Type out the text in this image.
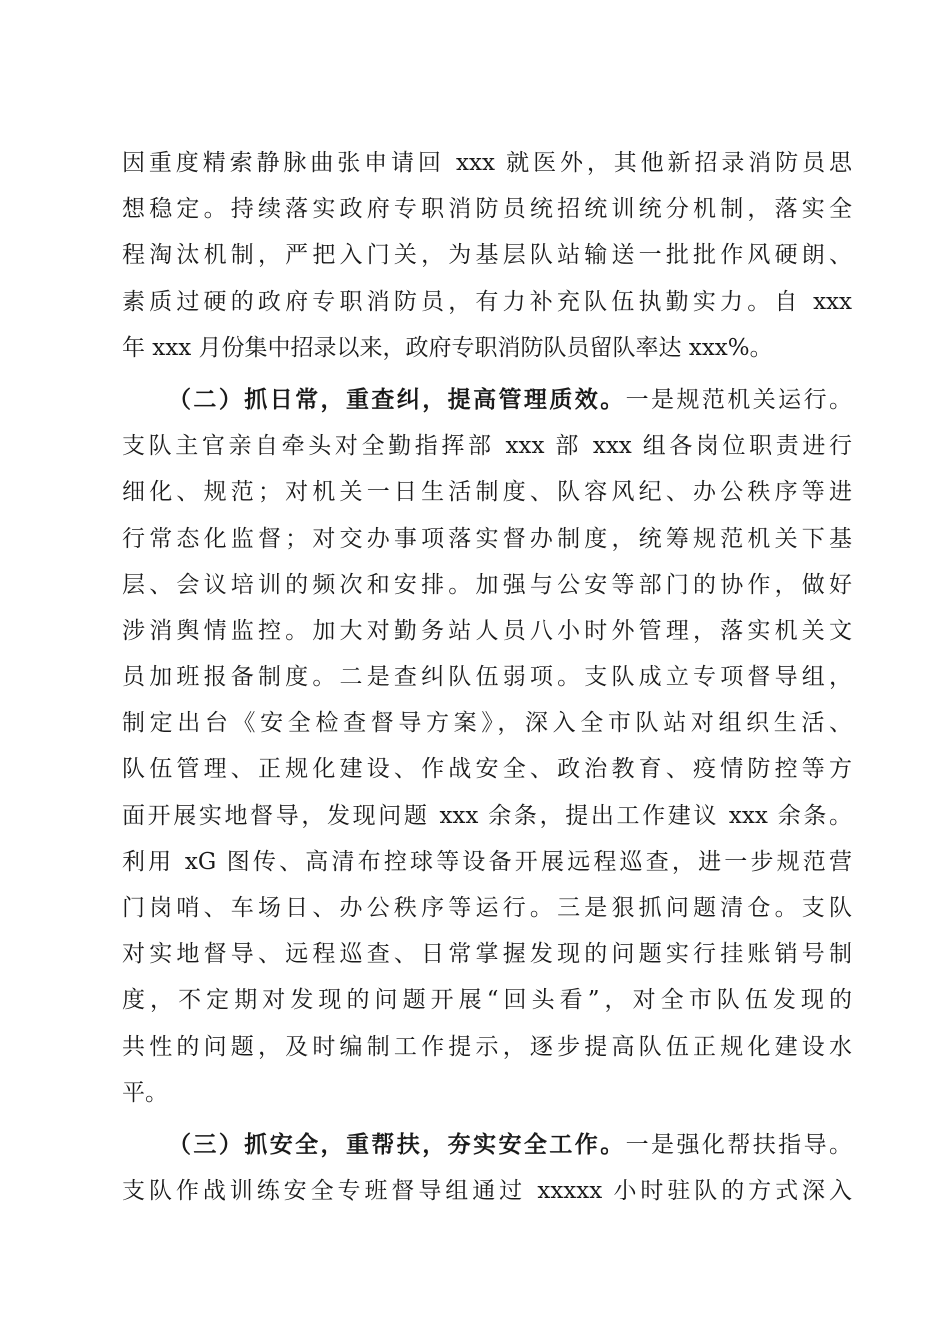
因重度精索静脉曲张申请回 xxx 就医外，其他新招录消防员思
想稳定。持续落实政府专职消防员统招统训统分机制，落实全
程淘汰机制，严把入门关，为基层队站输送一批批作风硬朗、
素质过硬的政府专职消防员，有力补充队伍执勤实力。自 xxx
年 xxx 月份集中招录以来，政府专职消防队员留队率达 xxx%。
（二）抓日常，重查纠，提高管理质效。一是规范机关运行。
支队主官亲自牵头对全勤指挥部 xxx 部 xxx 组各岗位职责进行
细化、规范；对机关一日生活制度、队容风纪、办公秩序等进
行常态化监督；对交办事项落实督办制度，统筹规范机关下基
层、会议培训的频次和安排。加强与公安等部门的协作，做好
涉消舆情监控。加大对勤务站人员八小时外管理，落实机关文
员加班报备制度。二是查纠队伍弱项。支队成立专项督导组，
制定出台《安全检查督导方案》，深入全市队站对组织生活、
队伍管理、正规化建设、作战安全、政治教育、疫情防控等方
面开展实地督导，发现问题 xxx 余条，提出工作建议 xxx 余条。
利用 xG 图传、高清布控球等设备开展远程巡查，进一步规范营
门岗哨、车场日、办公秩序等运行。三是狠抓问题清仓。支队
对实地督导、远程巡查、日常掌握发现的问题实行挂账销号制
度，不定期对发现的问题开展“回头看”，对全市队伍发现的
共性的问题，及时编制工作提示，逐步提高队伍正规化建设水
平。
（三）抓安全，重帮扶，夯实安全工作。一是强化帮扶指导。
支队作战训练安全专班督导组通过 xxxxx 小时驻队的方式深入
